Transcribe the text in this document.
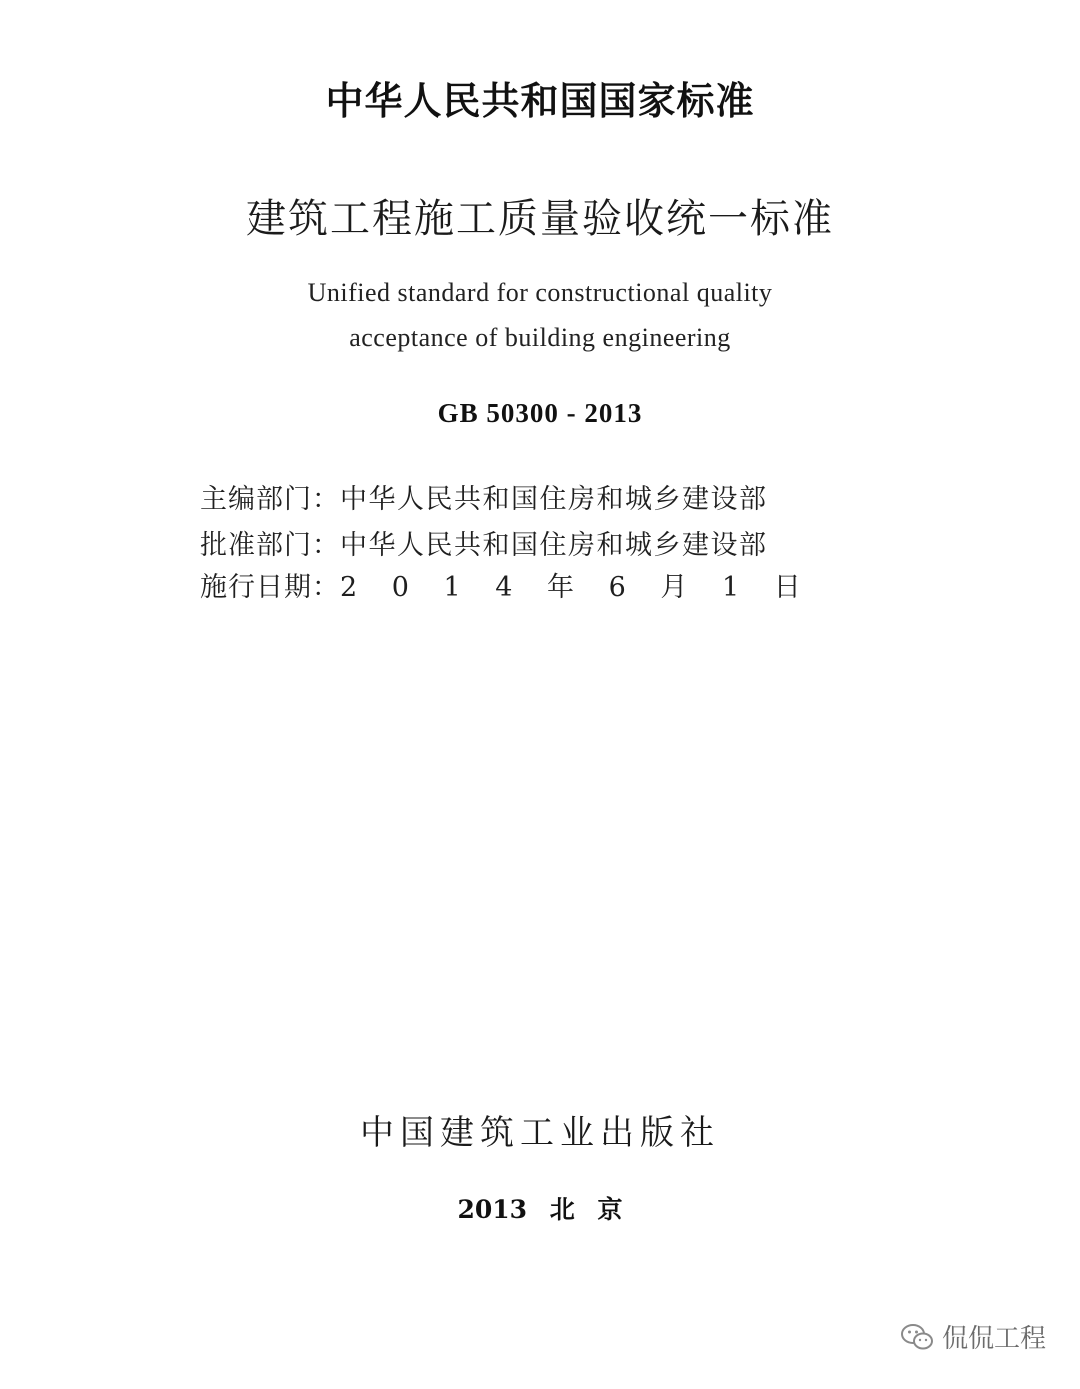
中华人民共和国国家标准
建筑工程施工质量验收统一标准
Unified standard for constructional quality
acceptance of building engineering
GB 50300 - 2013
主编部门：中华人民共和国住房和城乡建设部
批准部门：中华人民共和国住房和城乡建设部
施行日期：2 0 1 4 年 6 月 1 日
中国建筑工业出版社
2013 北 京
侃侃工程
